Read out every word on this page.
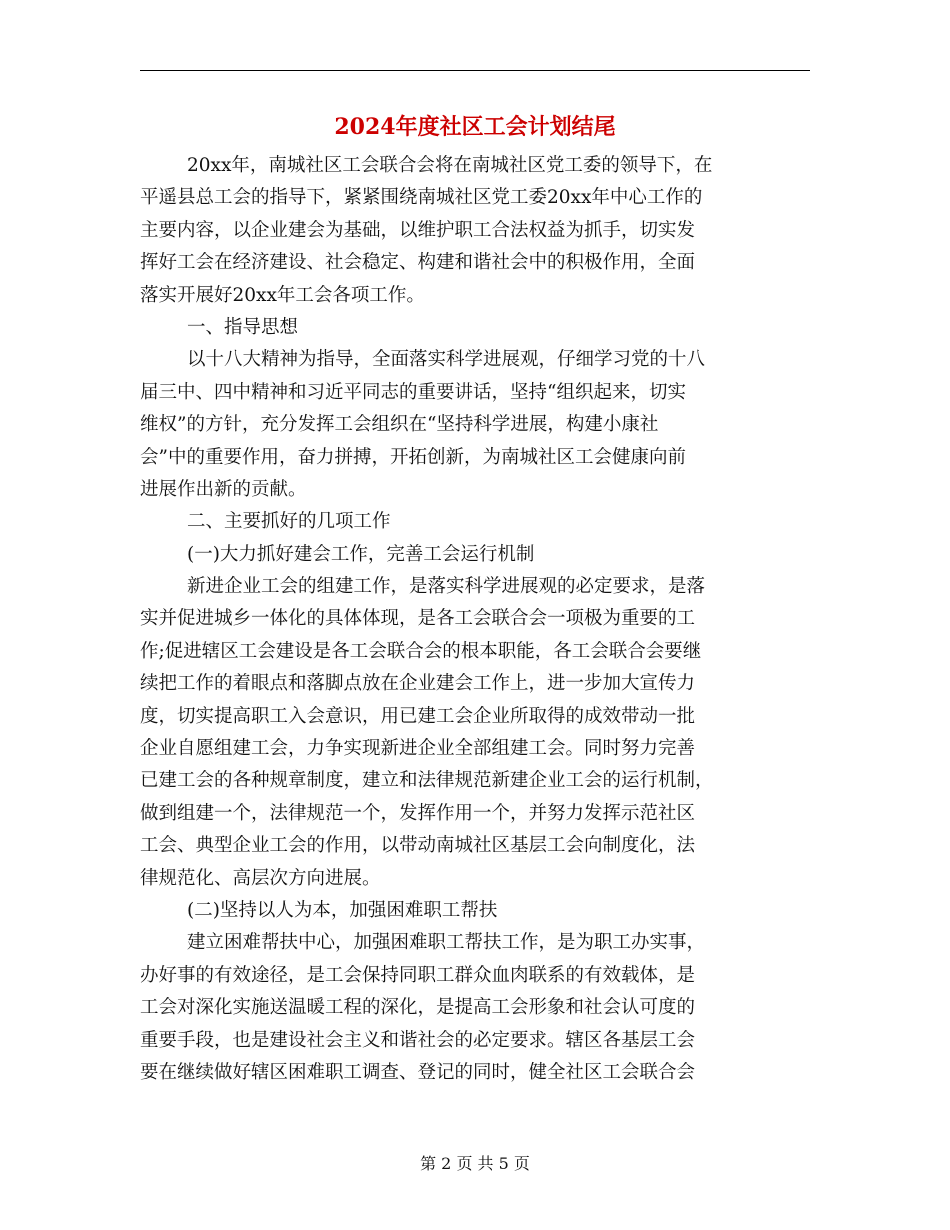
2024年度社区工会计划结尾
20xx年，南城社区工会联合会将在南城社区党工委的领导下，在
平遥县总工会的指导下，紧紧围绕南城社区党工委20xx年中心工作的
主要内容，以企业建会为基础，以维护职工合法权益为抓手，切实发
挥好工会在经济建设、社会稳定、构建和谐社会中的积极作用，全面
落实开展好20xx年工会各项工作。
一、指导思想
以十八大精神为指导，全面落实科学进展观，仔细学习党的十八
届三中、四中精神和习近平同志的重要讲话，坚持“组织起来，切实
维权”的方针，充分发挥工会组织在“坚持科学进展，构建小康社
会”中的重要作用，奋力拼搏，开拓创新，为南城社区工会健康向前
进展作出新的贡献。
二、主要抓好的几项工作
(一)大力抓好建会工作，完善工会运行机制
新进企业工会的组建工作，是落实科学进展观的必定要求，是落
实并促进城乡一体化的具体体现，是各工会联合会一项极为重要的工
作;促进辖区工会建设是各工会联合会的根本职能，各工会联合会要继
续把工作的着眼点和落脚点放在企业建会工作上，进一步加大宣传力
度，切实提高职工入会意识，用已建工会企业所取得的成效带动一批
企业自愿组建工会，力争实现新进企业全部组建工会。同时努力完善
已建工会的各种规章制度，建立和法律规范新建企业工会的运行机制，
做到组建一个，法律规范一个，发挥作用一个，并努力发挥示范社区
工会、典型企业工会的作用，以带动南城社区基层工会向制度化，法
律规范化、高层次方向进展。
(二)坚持以人为本，加强困难职工帮扶
建立困难帮扶中心，加强困难职工帮扶工作，是为职工办实事，
办好事的有效途径，是工会保持同职工群众血肉联系的有效载体，是
工会对深化实施送温暖工程的深化，是提高工会形象和社会认可度的
重要手段，也是建设社会主义和谐社会的必定要求。辖区各基层工会
要在继续做好辖区困难职工调查、登记的同时，健全社区工会联合会
第 2 页 共 5 页
